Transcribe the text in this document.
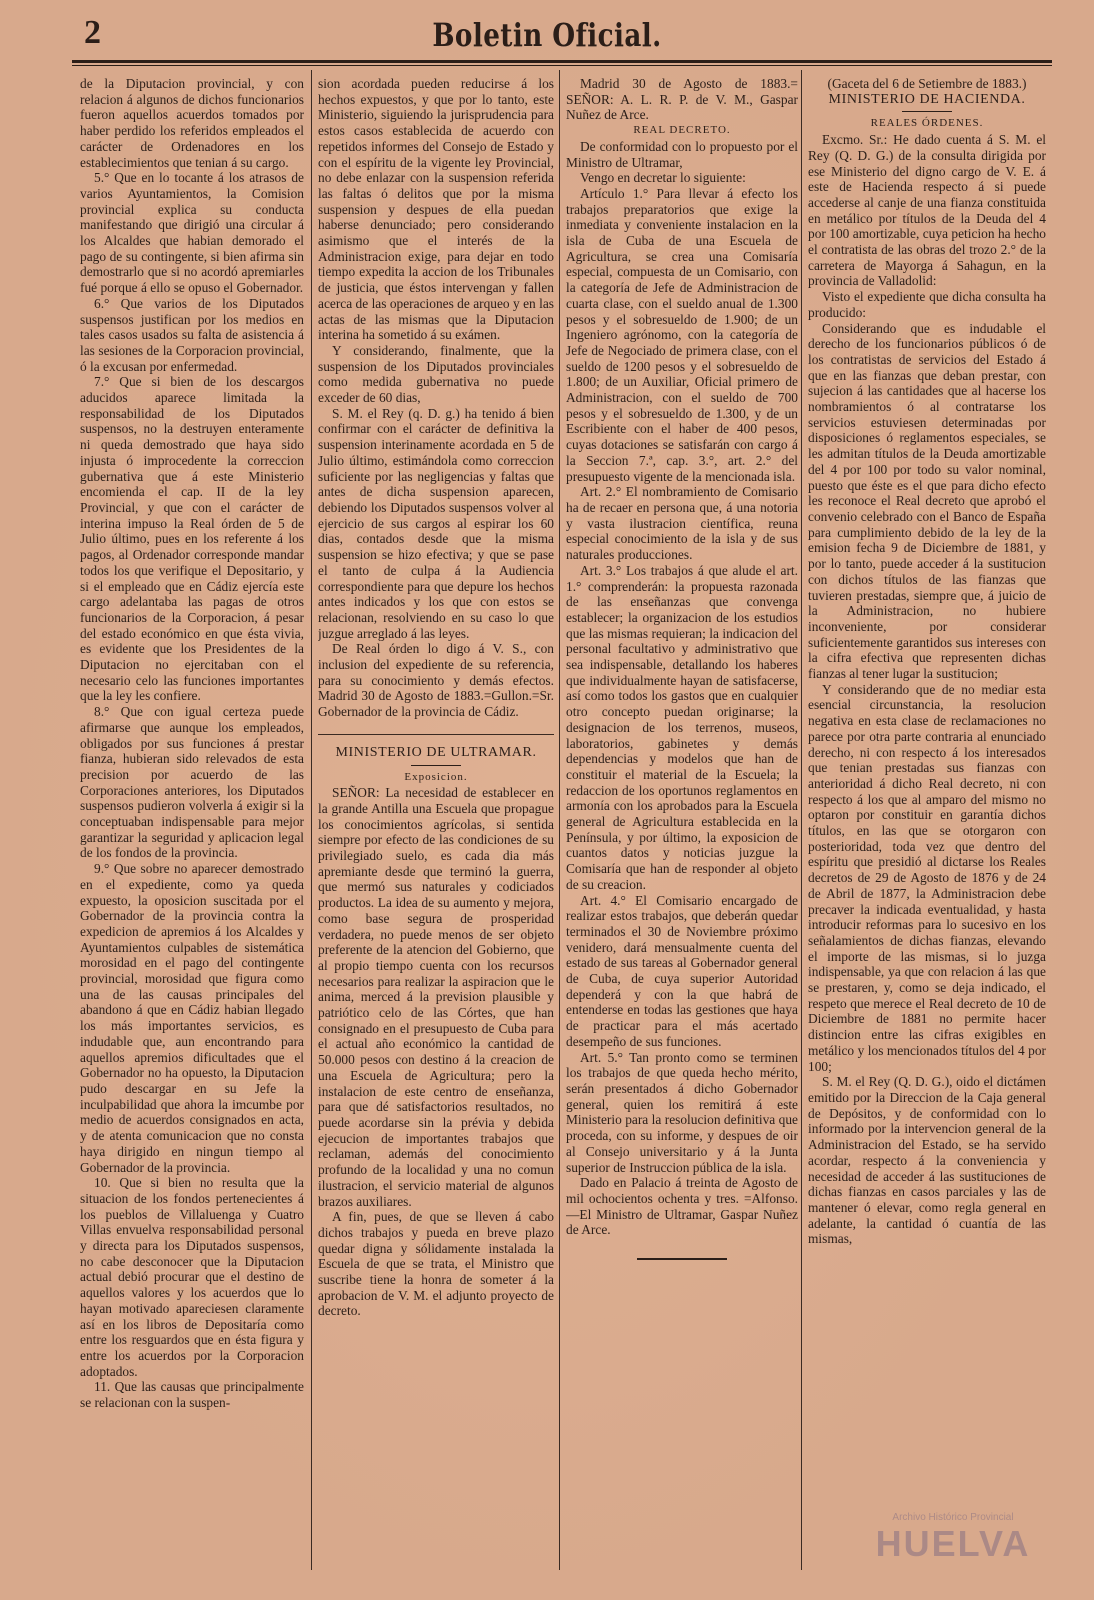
2	Boletin Oficial.

de la Diputacion provincial, y con relacion á algunos de dichos funcionarios fueron aquellos acuerdos tomados por haber perdido los referidos empleados el carácter de Ordenadores en los establecimientos que tenian á su cargo.

5.° Que en lo tocante á los atrasos de varios Ayuntamientos, la Comision provincial explica su conducta manifestando que dirigió una circular á los Alcaldes que habian demorado el pago de su contingente, si bien afirma sin demostrarlo que si no acordó apremiarles fué porque á ello se opuso el Gobernador.

6.° Que varios de los Diputados suspensos justifican por los medios en tales casos usados su falta de asistencia á las sesiones de la Corporacion provincial, ó la excusan por enfermedad.

7.° Que si bien de los descargos aducidos aparece limitada la responsabilidad de los Diputados suspensos, no la destruyen enteramente ni queda demostrado que haya sido injusta ó improcedente la correccion gubernativa que á este Ministerio encomienda el cap. II de la ley Provincial, y que con el carácter de interina impuso la Real órden de 5 de Julio último, pues en los referente á los pagos, al Ordenador corresponde mandar todos los que verifique el Depositario, y si el empleado que en Cádiz ejercía este cargo adelantaba las pagas de otros funcionarios de la Corporacion, á pesar del estado económico en que ésta vivia, es evidente que los Presidentes de la Diputacion no ejercitaban con el necesario celo las funciones importantes que la ley les confiere.

8.° Que con igual certeza puede afirmarse que aunque los empleados, obligados por sus funciones á prestar fianza, hubieran sido relevados de esta precision por acuerdo de las Corporaciones anteriores, los Diputados suspensos pudieron volverla á exigir si la conceptuaban indispensable para mejor garantizar la seguridad y aplicacion legal de los fondos de la provincia.

9.° Que sobre no aparecer demostrado en el expediente, como ya queda expuesto, la oposicion suscitada por el Gobernador de la provincia contra la expedicion de apremios á los Alcaldes y Ayuntamientos culpables de sistemática morosidad en el pago del contingente provincial, morosidad que figura como una de las causas principales del abandono á que en Cádiz habian llegado los más importantes servicios, es indudable que, aun encontrando para aquellos apremios dificultades que el Gobernador no ha opuesto, la Diputacion pudo descargar en su Jefe la inculpabilidad que ahora la imcumbe por medio de acuerdos consignados en acta, y de atenta comunicacion que no consta haya dirigido en ningun tiempo al Gobernador de la provincia.

10. Que si bien no resulta que la situacion de los fondos pertenecientes á los pueblos de Villaluenga y Cuatro Villas envuelva responsabilidad personal y directa para los Diputados suspensos, no cabe desconocer que la Diputacion actual debió procurar que el destino de aquellos valores y los acuerdos que lo hayan motivado apareciesen claramente así en los libros de Depositaría como entre los resguardos que en ésta figura y entre los acuerdos por la Corporacion adoptados.

11. Que las causas que principalmente se relacionan con la suspen-

sion acordada pueden reducirse á los hechos expuestos, y que por lo tanto, este Ministerio, siguiendo la jurisprudencia para estos casos establecida de acuerdo con repetidos informes del Consejo de Estado y con el espíritu de la vigente ley Provincial, no debe enlazar con la suspension referida las faltas ó delitos que por la misma suspension y despues de ella puedan haberse denunciado; pero considerando asimismo que el interés de la Administracion exige, para dejar en todo tiempo expedita la accion de los Tribunales de justicia, que éstos intervengan y fallen acerca de las operaciones de arqueo y en las actas de las mismas que la Diputacion interina ha sometido á su exámen.

Y considerando, finalmente, que la suspension de los Diputados provinciales como medida gubernativa no puede exceder de 60 dias,

S. M. el Rey (q. D. g.) ha tenido á bien confirmar con el carácter de definitiva la suspension interinamente acordada en 5 de Julio último, estimándola como correccion suficiente por las negligencias y faltas que antes de dicha suspension aparecen, debiendo los Diputados suspensos volver al ejercicio de sus cargos al espirar los 60 dias, contados desde que la misma suspension se hizo efectiva; y que se pase el tanto de culpa á la Audiencia correspondiente para que depure los hechos antes indicados y los que con estos se relacionan, resolviendo en su caso lo que juzgue arreglado á las leyes.

De Real órden lo digo á V. S., con inclusion del expediente de su referencia, para su conocimiento y demás efectos. Madrid 30 de Agosto de 1883.=Gullon.=Sr. Gobernador de la provincia de Cádiz.

MINISTERIO DE ULTRAMAR.

Exposicion.

SEÑOR: La necesidad de establecer en la grande Antilla una Escuela que propague los conocimientos agrícolas, si sentida siempre por efecto de las condiciones de su privilegiado suelo, es cada dia más apremiante desde que terminó la guerra, que mermó sus naturales y codiciados productos. La idea de su aumento y mejora, como base segura de prosperidad verdadera, no puede menos de ser objeto preferente de la atencion del Gobierno, que al propio tiempo cuenta con los recursos necesarios para realizar la aspiracion que le anima, merced á la prevision plausible y patriótico celo de las Córtes, que han consignado en el presupuesto de Cuba para el actual año económico la cantidad de 50.000 pesos con destino á la creacion de una Escuela de Agricultura; pero la instalacion de este centro de enseñanza, para que dé satisfactorios resultados, no puede acordarse sin la prévia y debida ejecucion de importantes trabajos que reclaman, además del conocimiento profundo de la localidad y una no comun ilustracion, el servicio material de algunos brazos auxiliares.

A fin, pues, de que se lleven á cabo dichos trabajos y pueda en breve plazo quedar digna y sólidamente instalada la Escuela de que se trata, el Ministro que suscribe tiene la honra de someter á la aprobacion de V. M. el adjunto proyecto de decreto.

Madrid 30 de Agosto de 1883.= SEÑOR: A. L. R. P. de V. M., Gaspar Nuñez de Arce.

REAL DECRETO.

De conformidad con lo propuesto por el Ministro de Ultramar,

Vengo en decretar lo siguiente:

Artículo 1.° Para llevar á efecto los trabajos preparatorios que exige la inmediata y conveniente instalacion en la isla de Cuba de una Escuela de Agricultura, se crea una Comisaría especial, compuesta de un Comisario, con la categoría de Jefe de Administracion de cuarta clase, con el sueldo anual de 1.300 pesos y el sobresueldo de 1.900; de un Ingeniero agrónomo, con la categoría de Jefe de Negociado de primera clase, con el sueldo de 1200 pesos y el sobresueldo de 1.800; de un Auxiliar, Oficial primero de Administracion, con el sueldo de 700 pesos y el sobresueldo de 1.300, y de un Escribiente con el haber de 400 pesos, cuyas dotaciones se satisfarán con cargo á la Seccion 7.ª, cap. 3.°, art. 2.° del presupuesto vigente de la mencionada isla.

Art. 2.° El nombramiento de Comisario ha de recaer en persona que, á una notoria y vasta ilustracion científica, reuna especial conocimiento de la isla y de sus naturales producciones.

Art. 3.° Los trabajos á que alude el art. 1.° comprenderán: la propuesta razonada de las enseñanzas que convenga establecer; la organizacion de los estudios que las mismas requieran; la indicacion del personal facultativo y administrativo que sea indispensable, detallando los haberes que individualmente hayan de satisfacerse, así como todos los gastos que en cualquier otro concepto puedan originarse; la designacion de los terrenos, museos, laboratorios, gabinetes y demás dependencias y modelos que han de constituir el material de la Escuela; la redaccion de los oportunos reglamentos en armonía con los aprobados para la Escuela general de Agricultura establecida en la Península, y por último, la exposicion de cuantos datos y noticias juzgue la Comisaría que han de responder al objeto de su creacion.

Art. 4.° El Comisario encargado de realizar estos trabajos, que deberán quedar terminados el 30 de Noviembre próximo venidero, dará mensualmente cuenta del estado de sus tareas al Gobernador general de Cuba, de cuya superior Autoridad dependerá y con la que habrá de entenderse en todas las gestiones que haya de practicar para el más acertado desempeño de sus funciones.

Art. 5.° Tan pronto como se terminen los trabajos de que queda hecho mérito, serán presentados á dicho Gobernador general, quien los remitirá á este Ministerio para la resolucion definitiva que proceda, con su informe, y despues de oir al Consejo universitario y á la Junta superior de Instruccion pública de la isla.

Dado en Palacio á treinta de Agosto de mil ochocientos ochenta y tres. =Alfonso.—El Ministro de Ultramar, Gaspar Nuñez de Arce.

(Gaceta del 6 de Setiembre de 1883.)

MINISTERIO DE HACIENDA.

REALES ÓRDENES.

Excmo. Sr.: He dado cuenta á S. M. el Rey (Q. D. G.) de la consulta dirigida por ese Ministerio del digno cargo de V. E. á este de Hacienda respecto á si puede accederse al canje de una fianza constituida en metálico por títulos de la Deuda del 4 por 100 amortizable, cuya peticion ha hecho el contratista de las obras del trozo 2.° de la carretera de Mayorga á Sahagun, en la provincia de Valladolid:

Visto el expediente que dicha consulta ha producido:

Considerando que es indudable el derecho de los funcionarios públicos ó de los contratistas de servicios del Estado á que en las fianzas que deban prestar, con sujecion á las cantidades que al hacerse los nombramientos ó al contratarse los servicios estuviesen determinadas por disposiciones ó reglamentos especiales, se les admitan títulos de la Deuda amortizable del 4 por 100 por todo su valor nominal, puesto que éste es el que para dicho efecto les reconoce el Real decreto que aprobó el convenio celebrado con el Banco de España para cumplimiento debido de la ley de la emision fecha 9 de Diciembre de 1881, y por lo tanto, puede acceder á la sustitucion con dichos títulos de las fianzas que tuvieren prestadas, siempre que, á juicio de la Administracion, no hubiere inconveniente, por considerar suficientemente garantidos sus intereses con la cifra efectiva que representen dichas fianzas al tener lugar la sustitucion;

Y considerando que de no mediar esta esencial circunstancia, la resolucion negativa en esta clase de reclamaciones no parece por otra parte contraria al enunciado derecho, ni con respecto á los interesados que tenian prestadas sus fianzas con anterioridad á dicho Real decreto, ni con respecto á los que al amparo del mismo no optaron por constituir en garantía dichos títulos, en las que se otorgaron con posterioridad, toda vez que dentro del espíritu que presidió al dictarse los Reales decretos de 29 de Agosto de 1876 y de 24 de Abril de 1877, la Administracion debe precaver la indicada eventualidad, y hasta introducir reformas para lo sucesivo en los señalamientos de dichas fianzas, elevando el importe de las mismas, si lo juzga indispensable, ya que con relacion á las que se prestaren, y, como se deja indicado, el respeto que merece el Real decreto de 10 de Diciembre de 1881 no permite hacer distincion entre las cifras exigibles en metálico y los mencionados títulos del 4 por 100;

S. M. el Rey (Q. D. G.), oido el dictámen emitido por la Direccion de la Caja general de Depósitos, y de conformidad con lo informado por la intervencion general de la Administracion del Estado, se ha servido acordar, respecto á la conveniencia y necesidad de acceder á las sustituciones de dichas fianzas en casos parciales y las de mantener ó elevar, como regla general en adelante, la cantidad ó cuantía de las mismas,

Archivo Histórico Provincial
HUELVA
